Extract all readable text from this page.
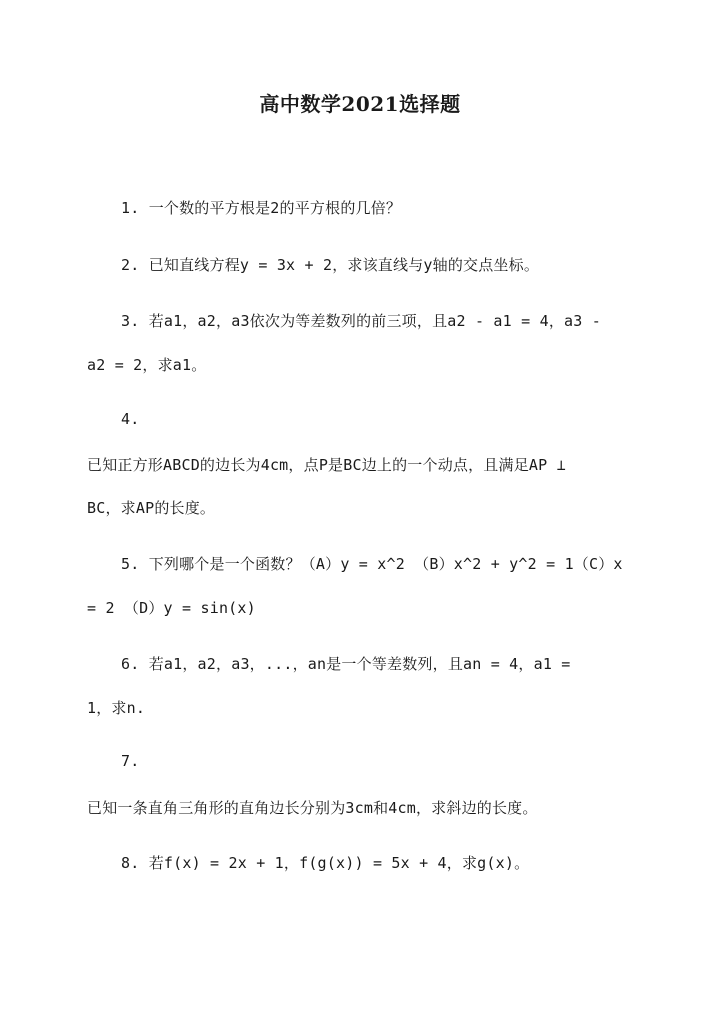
高中数学2021选择题
1. 一个数的平方根是2的平方根的几倍？
2. 已知直线方程y = 3x + 2，求该直线与y轴的交点坐标。
3. 若a1，a2，a3依次为等差数列的前三项，且a2 - a1 = 4，a3 -
a2 = 2，求a1。
4.
已知正方形ABCD的边长为4cm，点P是BC边上的一个动点，且满足AP ⊥
BC，求AP的长度。
5. 下列哪个是一个函数？（A）y = x^2 （B）x^2 + y^2 = 1（C）x
= 2 （D）y = sin(x)
6. 若a1，a2，a3，...，an是一个等差数列，且an = 4，a1 =
1，求n.
7.
已知一条直角三角形的直角边长分别为3cm和4cm，求斜边的长度。
8. 若f(x) = 2x + 1，f(g(x)) = 5x + 4，求g(x)。
